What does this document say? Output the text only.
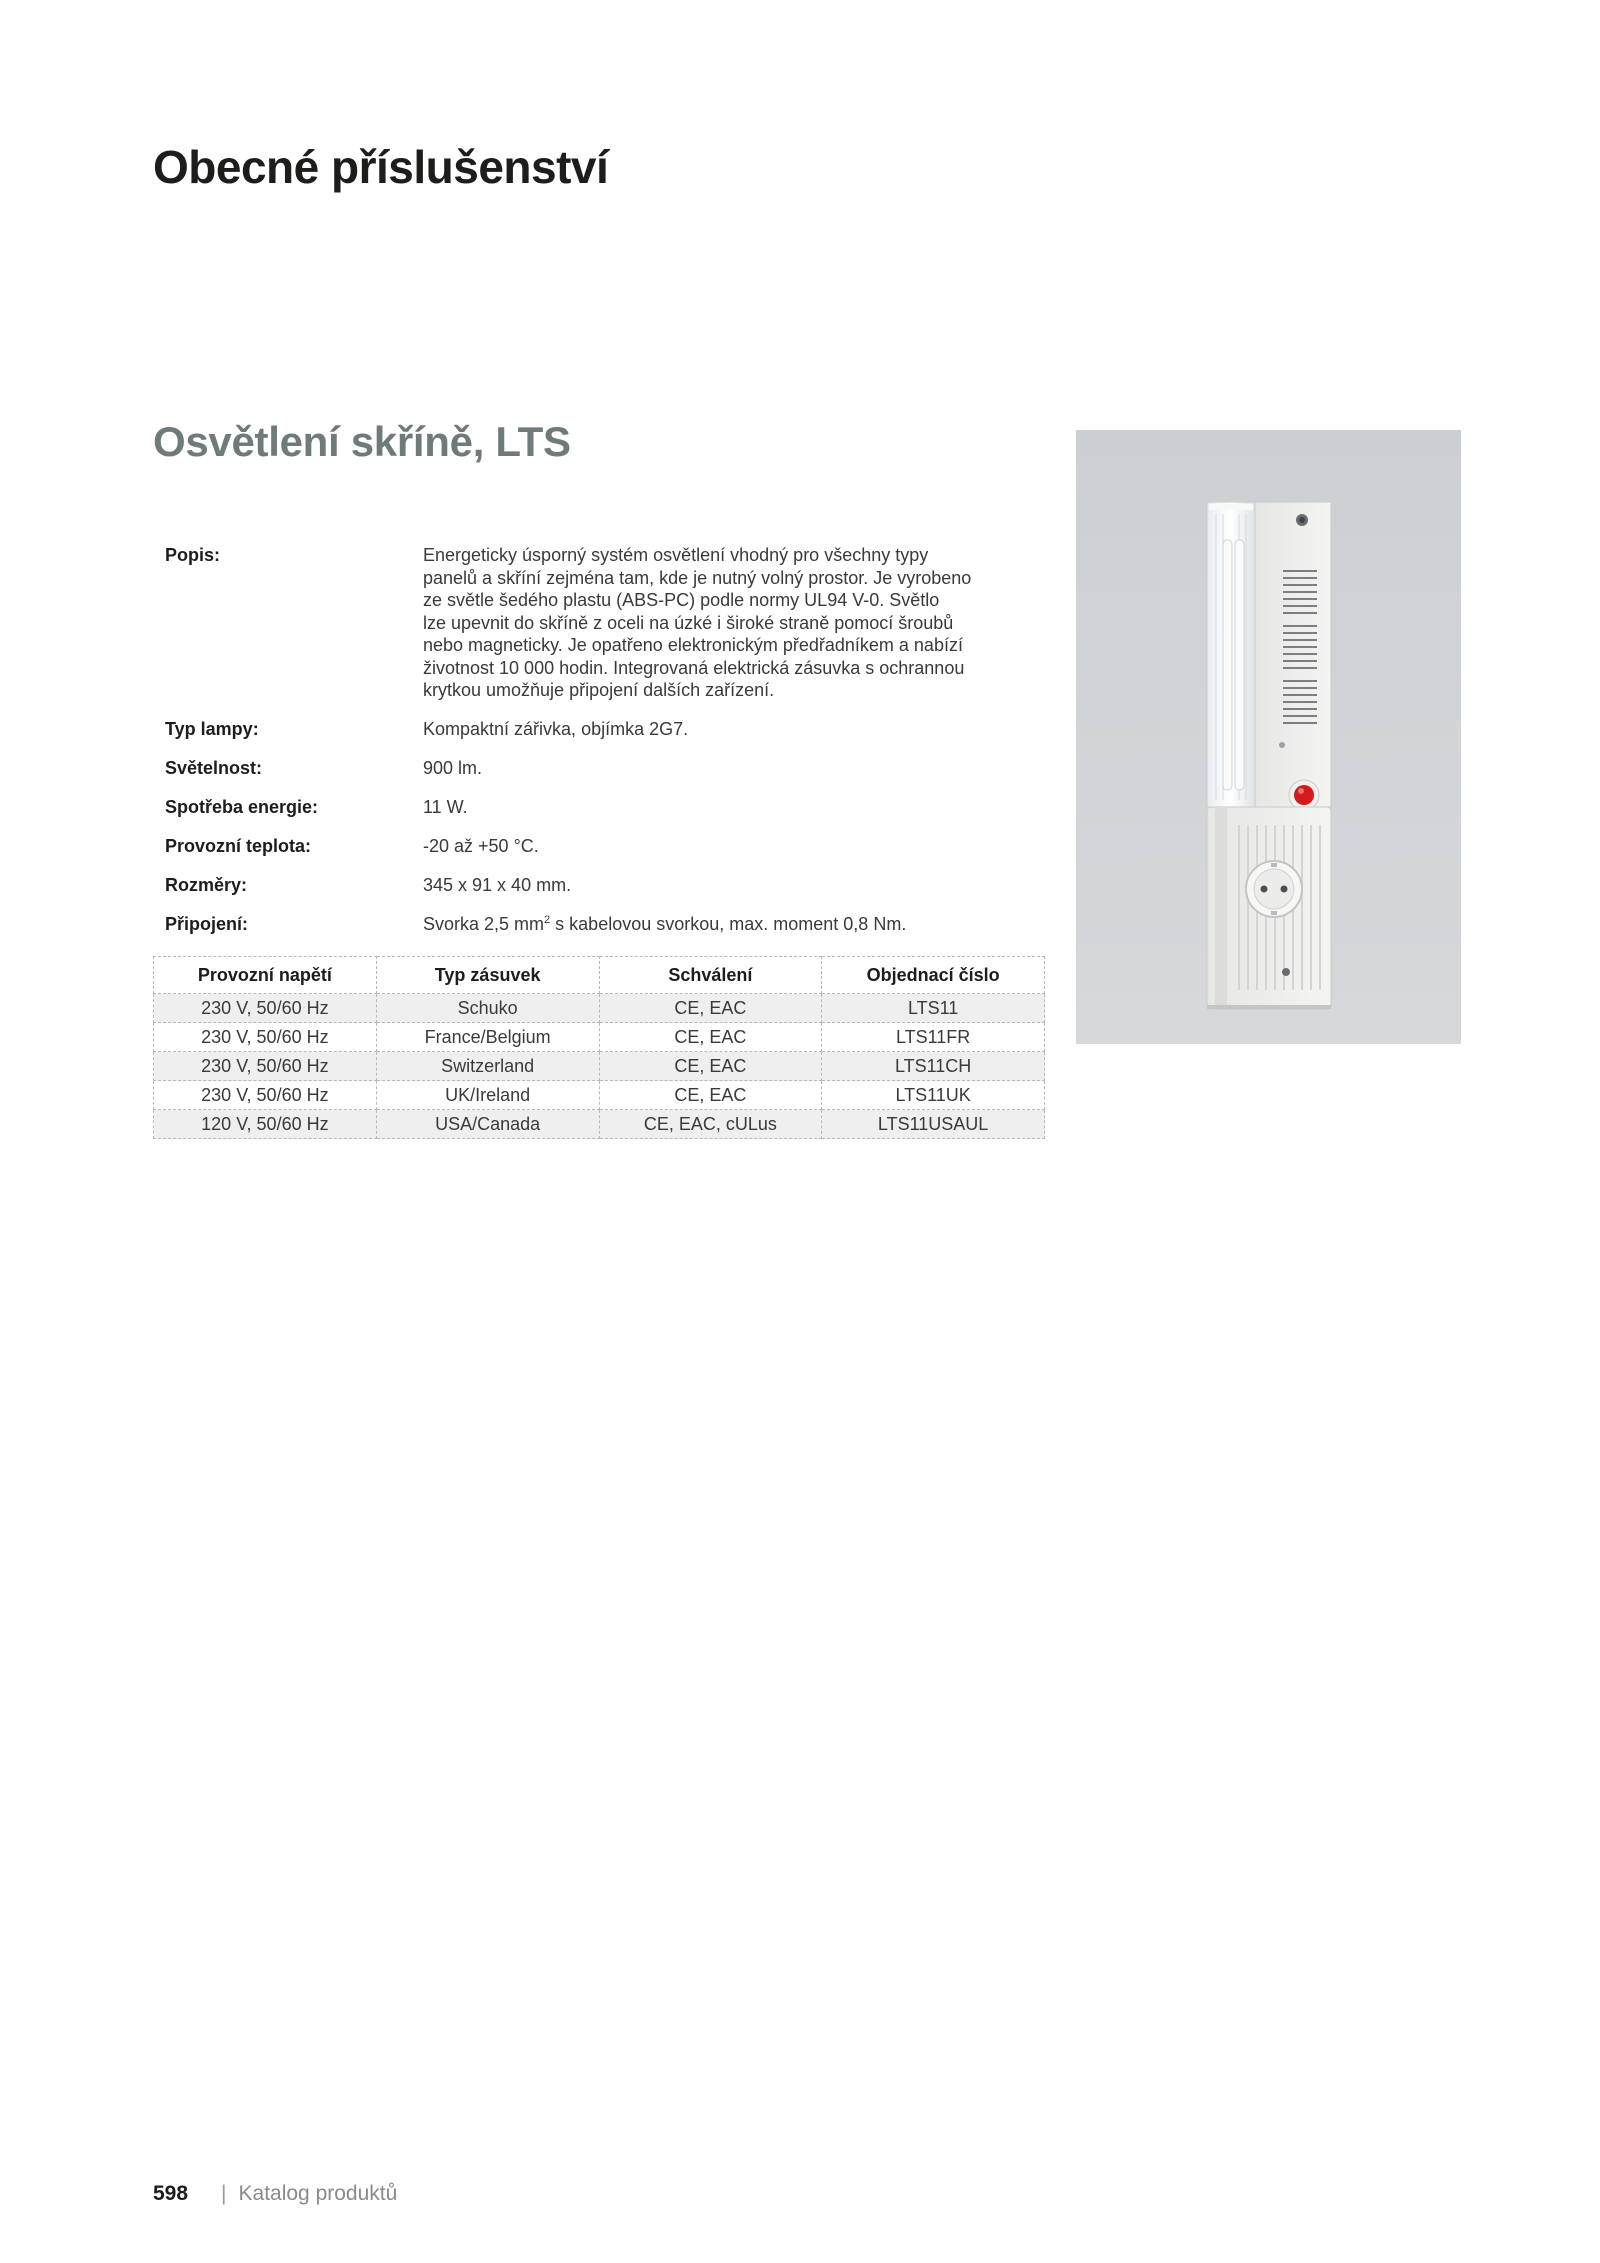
Obecné příslušenství
Osvětlení skříně, LTS
Popis:	Energeticky úsporný systém osvětlení vhodný pro všechny typy
panelů a skříní zejména tam, kde je nutný volný prostor. Je vyrobeno
ze světle šedého plastu (ABS-PC) podle normy UL94 V-0. Světlo
lze upevnit do skříně z oceli na úzké i široké straně pomocí šroubů
nebo magneticky. Je opatřeno elektronickým předřadníkem a nabízí
životnost 10 000 hodin. Integrovaná elektrická zásuvka s ochrannou
krytkou umožňuje připojení dalších zařízení.
Typ lampy:	Kompaktní zářivka, objímka 2G7.
Světelnost:	900 lm.
Spotřeba energie:	11 W.
Provozní teplota:	-20 až +50 °C.
Rozměry:	345 x 91 x 40 mm.
Připojení:	Svorka 2,5 $mm^2$ s kabelovou svorkou, max. moment 0,8 Nm.
Provozní napětí	Typ zásuvek	Schválení	Objednací číslo
230 V, 50/60 Hz	Schuko	CE, EAC	LTS11
230 V, 50/60 Hz	France/Belgium	CE, EAC	LTS11FR
230 V, 50/60 Hz	Switzerland	CE, EAC	LTS11CH
230 V, 50/60 Hz	UK/Ireland	CE, EAC	LTS11UK
120 V, 50/60 Hz	USA/Canada	CE, EAC, cULus	LTS11USAUL
598 | Katalog produktů
